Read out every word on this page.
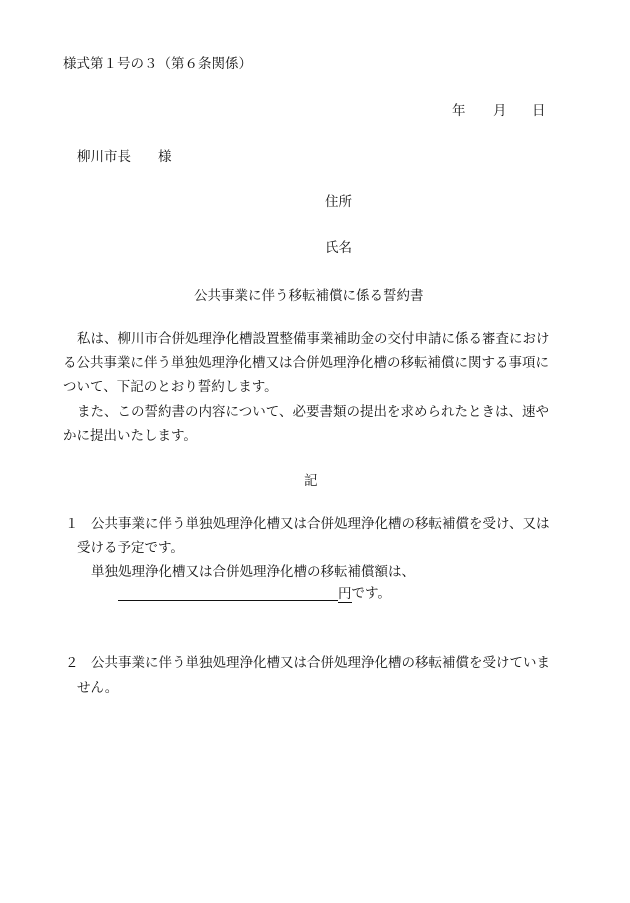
様式第１号の３（第６条関係）
年 月 日
柳川市長　　様
住所
氏名
公共事業に伴う移転補償に係る誓約書
私は、柳川市合併処理浄化槽設置整備事業補助金の交付申請に係る審査におけ
る公共事業に伴う単独処理浄化槽又は合併処理浄化槽の移転補償に関する事項に
ついて、下記のとおり誓約します。
また、この誓約書の内容について、必要書類の提出を求められたときは、速や
かに提出いたします。
記
１ 公共事業に伴う単独処理浄化槽又は合併処理浄化槽の移転補償を受け、又は
受ける予定です。
単独処理浄化槽又は合併処理浄化槽の移転補償額は、
円です。
２ 公共事業に伴う単独処理浄化槽又は合併処理浄化槽の移転補償を受けていま
せん。
